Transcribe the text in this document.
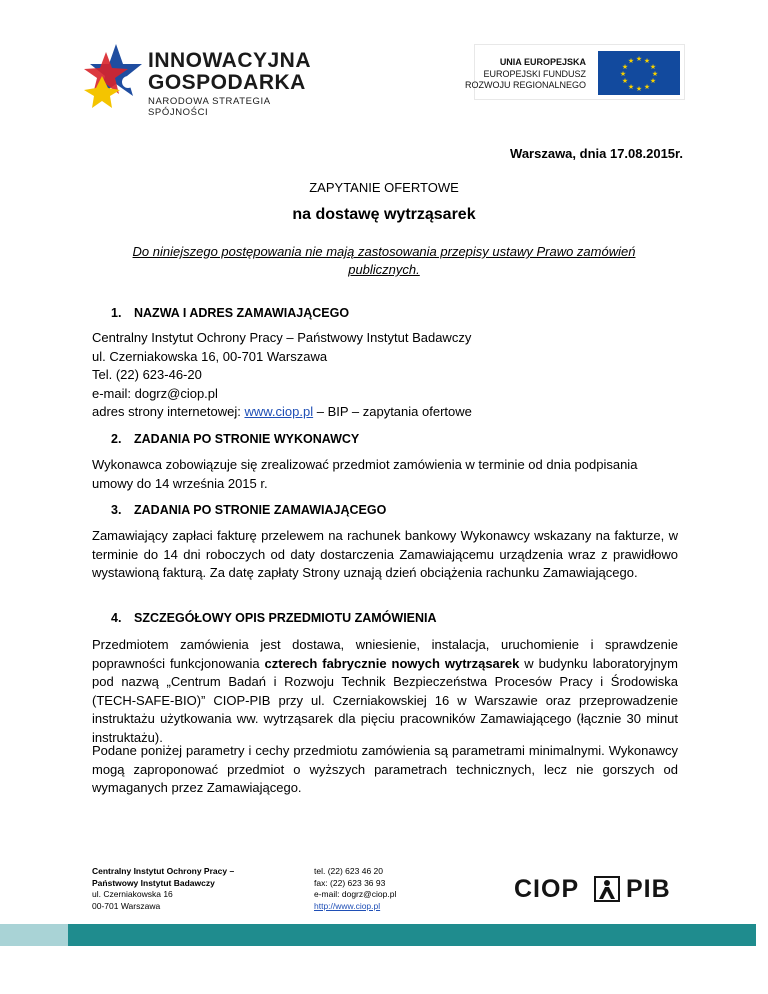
INNOWACYJNA
GOSPODARKA
NARODOWA STRATEGIA SPÓJNOŚCI
UNIA EUROPEJSKA
EUROPEJSKI FUNDUSZ
ROZWOJU REGIONALNEGO
★ ★
★
★
★
★
★
★
★
★
★
★
Warszawa, dnia 17.08.2015r.
ZAPYTANIE OFERTOWE
na dostawę wytrząsarek
Do niniejszego postępowania nie mają zastosowania przepisy ustawy Prawo zamówień publicznych.
1. NAZWA I ADRES ZAMAWIAJĄCEGO
Centralny Instytut Ochrony Pracy – Państwowy Instytut Badawczy
ul. Czerniakowska 16, 00-701 Warszawa
Tel. (22) 623-46-20
e-mail: dogrz@ciop.pl
adres strony internetowej: www.ciop.pl – BIP – zapytania ofertowe
2. ZADANIA PO STRONIE WYKONAWCY
Wykonawca zobowiązuje się zrealizować przedmiot zamówienia w terminie od dnia podpisania umowy do 14 września 2015 r.
3. ZADANIA PO STRONIE ZAMAWIAJĄCEGO
Zamawiający zapłaci fakturę przelewem na rachunek bankowy Wykonawcy wskazany na fakturze, w terminie do 14 dni roboczych od daty dostarczenia Zamawiającemu urządzenia wraz z prawidłowo wystawioną fakturą. Za datę zapłaty Strony uznają dzień obciążenia rachunku Zamawiającego.
4. SZCZEGÓŁOWY OPIS PRZEDMIOTU ZAMÓWIENIA
Przedmiotem zamówienia jest dostawa, wniesienie, instalacja, uruchomienie i sprawdzenie poprawności funkcjonowania czterech fabrycznie nowych wytrząsarek w budynku laboratoryjnym pod nazwą „Centrum Badań i Rozwoju Technik Bezpieczeństwa Procesów Pracy i Środowiska (TECH-SAFE-BIO)” CIOP-PIB przy ul. Czerniakowskiej 16 w Warszawie oraz przeprowadzenie instruktażu użytkowania ww. wytrząsarek dla pięciu pracowników Zamawiającego (łącznie 30 minut instruktażu).
Podane poniżej parametry i cechy przedmiotu zamówienia są parametrami minimalnymi. Wykonawcy mogą zaproponować przedmiot o wyższych parametrach technicznych, lecz nie gorszych od wymaganych przez Zamawiającego.
Centralny Instytut Ochrony Pracy –
Państwowy Instytut Badawczy
ul. Czerniakowska 16
00-701 Warszawa
tel. (22) 623 46 20
fax: (22) 623 36 93
e-mail: dogrz@ciop.pl
http://www.ciop.pl
CIOP PIB
